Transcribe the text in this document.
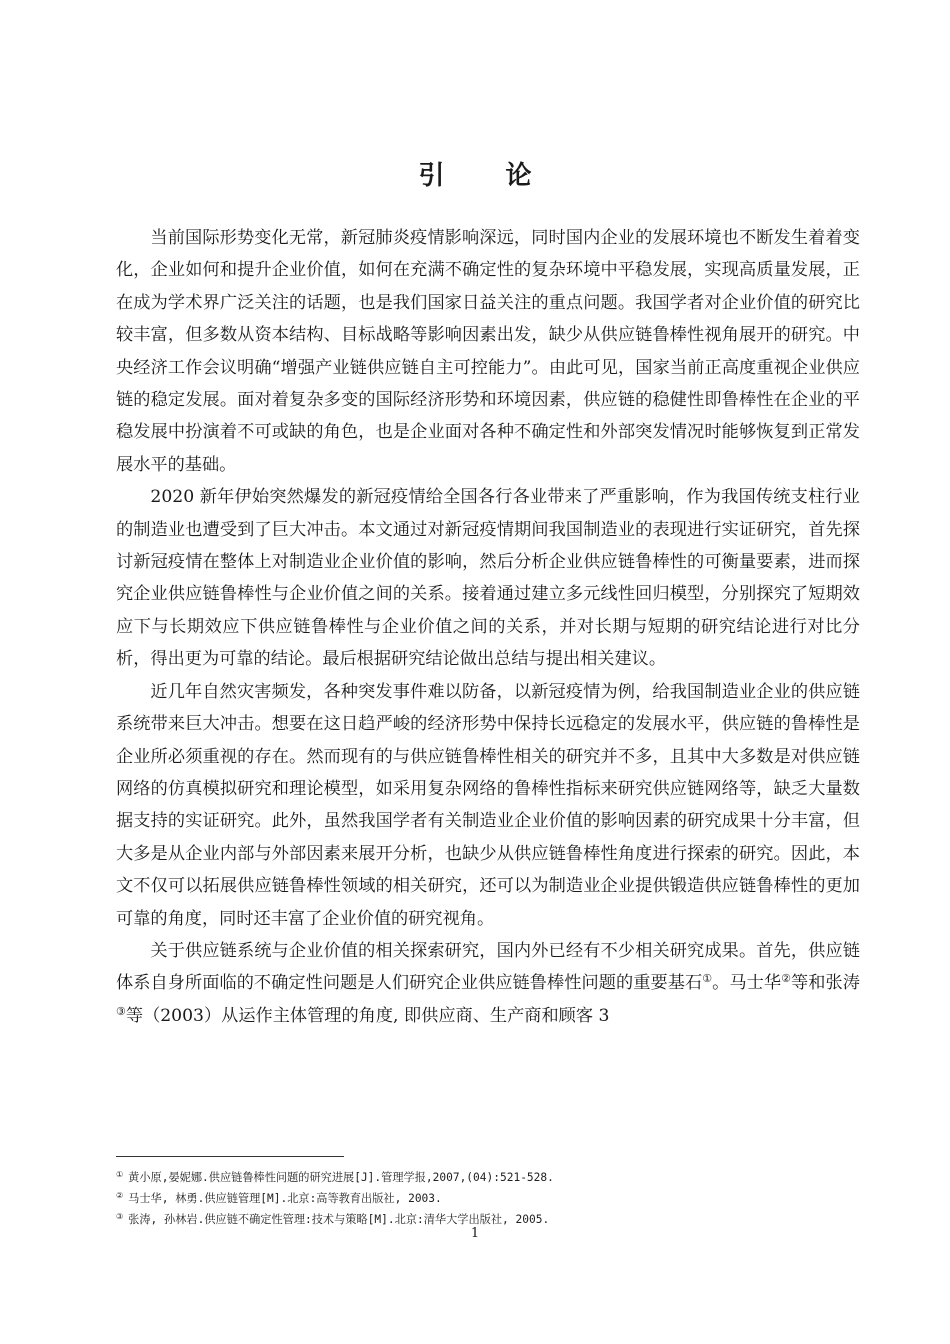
引 论

当前国际形势变化无常，新冠肺炎疫情影响深远，同时国内企业的发展环境也不断发生着着变化，企业如何和提升企业价值，如何在充满不确定性的复杂环境中平稳发展，实现高质量发展，正在成为学术界广泛关注的话题，也是我们国家日益关注的重点问题。我国学者对企业价值的研究比较丰富，但多数从资本结构、目标战略等影响因素出发，缺少从供应链鲁棒性视角展开的研究。中央经济工作会议明确“增强产业链供应链自主可控能力”。由此可见，国家当前正高度重视企业供应链的稳定发展。面对着复杂多变的国际经济形势和环境因素，供应链的稳健性即鲁棒性在企业的平稳发展中扮演着不可或缺的角色，也是企业面对各种不确定性和外部突发情况时能够恢复到正常发展水平的基础。

2020 新年伊始突然爆发的新冠疫情给全国各行各业带来了严重影响，作为我国传统支柱行业的制造业也遭受到了巨大冲击。本文通过对新冠疫情期间我国制造业的表现进行实证研究，首先探讨新冠疫情在整体上对制造业企业价值的影响，然后分析企业供应链鲁棒性的可衡量要素，进而探究企业供应链鲁棒性与企业价值之间的关系。接着通过建立多元线性回归模型，分别探究了短期效应下与长期效应下供应链鲁棒性与企业价值之间的关系，并对长期与短期的研究结论进行对比分析，得出更为可靠的结论。最后根据研究结论做出总结与提出相关建议。

近几年自然灾害频发，各种突发事件难以防备，以新冠疫情为例，给我国制造业企业的供应链系统带来巨大冲击。想要在这日趋严峻的经济形势中保持长远稳定的发展水平，供应链的鲁棒性是企业所必须重视的存在。然而现有的与供应链鲁棒性相关的研究并不多，且其中大多数是对供应链网络的仿真模拟研究和理论模型，如采用复杂网络的鲁棒性指标来研究供应链网络等，缺乏大量数据支持的实证研究。此外，虽然我国学者有关制造业企业价值的影响因素的研究成果十分丰富，但大多是从企业内部与外部因素来展开分析，也缺少从供应链鲁棒性角度进行探索的研究。因此，本文不仅可以拓展供应链鲁棒性领域的相关研究，还可以为制造业企业提供锻造供应链鲁棒性的更加可靠的角度，同时还丰富了企业价值的研究视角。

关于供应链系统与企业价值的相关探索研究，国内外已经有不少相关研究成果。首先，供应链体系自身所面临的不确定性问题是人们研究企业供应链鲁棒性问题的重要基石①。马士华②等和张涛③等（2003）从运作主体管理的角度, 即供应商、生产商和顾客 3

① 黄小原,晏妮娜.供应链鲁棒性问题的研究进展[J].管理学报,2007,(04):521-528.
② 马士华, 林勇.供应链管理[M].北京:高等教育出版社, 2003.
③ 张涛, 孙林岩.供应链不确定性管理:技术与策略[M].北京:清华大学出版社, 2005.
1
